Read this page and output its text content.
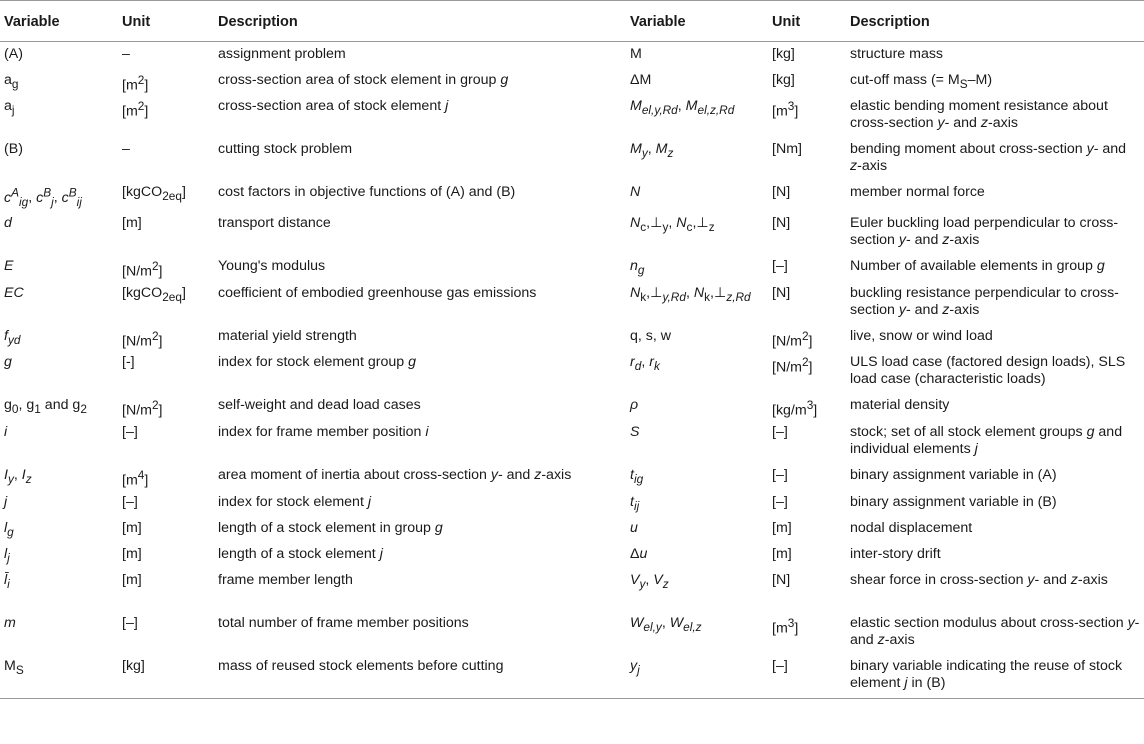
Variable	Unit	Description	Variable	Unit	Description
(A)	–	assignment problem	M	[kg]	structure mass
$a_g$	$[m^2]$	cross-section area of stock element in group g	ΔM	[kg]	cut-off mass (= $M_S-M$)
$a_j$	$[m^2]$	cross-section area of stock element j	$M_{el,y,Rd}$, $M_{el,z,Rd}$	$[m^3]$	elastic bending moment resistance about cross-section y- and z-axis
(B)	–	cutting stock problem	$M_y$, $M_z$	[Nm]	bending moment about cross-section y- and z-axis
$c^A_{ig}$, $c^B_j$, $c^B_{ij}$	[kgCO$_{2eq}$]	cost factors in objective functions of (A) and (B)	N	[N]	member normal force
d	[m]	transport distance	$N_c,\perp_y$, $N_c,\perp_z$	[N]	Euler buckling load perpendicular to cross-section y- and z-axis
E	$[N/m^2]$	Young's modulus	$n_g$	[–]	Number of available elements in group g
EC	[kgCO$_{2eq}$]	coefficient of embodied greenhouse gas emissions	$N_k,\perp_{y,Rd}$, $N_k,\perp_{z,Rd}$	[N]	buckling resistance perpendicular to cross-section y- and z-axis
$f_{yd}$	$[N/m^2]$	material yield strength	q, s, w	$[N/m^2]$	live, snow or wind load
g	[-]	index for stock element group g	$r_d$, $r_k$	$[N/m^2]$	ULS load case (factored design loads), SLS load case (characteristic loads)
$g_0$, $g_1$ and $g_2$	$[N/m^2]$	self-weight and dead load cases	ρ	$[kg/m^3]$	material density
i	[–]	index for frame member position i	S	[–]	stock; set of all stock element groups g and individual elements j
$I_y$, $I_z$	$[m^4]$	area moment of inertia about cross-section y- and z-axis	$t_{ig}$	[–]	binary assignment variable in (A)
j	[–]	index for stock element j	$t_{ij}$	[–]	binary assignment variable in (B)
$l_g$	[m]	length of a stock element in group g	u	[m]	nodal displacement
$l_j$	[m]	length of a stock element j	Δu	[m]	inter-story drift
$l̄_i$	[m]	frame member length	$V_y$, $V_z$	[N]	shear force in cross-section y- and z-axis
m	[–]	total number of frame member positions	$W_{el,y}$, $W_{el,z}$	$[m^3]$	elastic section modulus about cross-section y- and z-axis
$M_S$	[kg]	mass of reused stock elements before cutting	$y_j$	[–]	binary variable indicating the reuse of stock element j in (B)
